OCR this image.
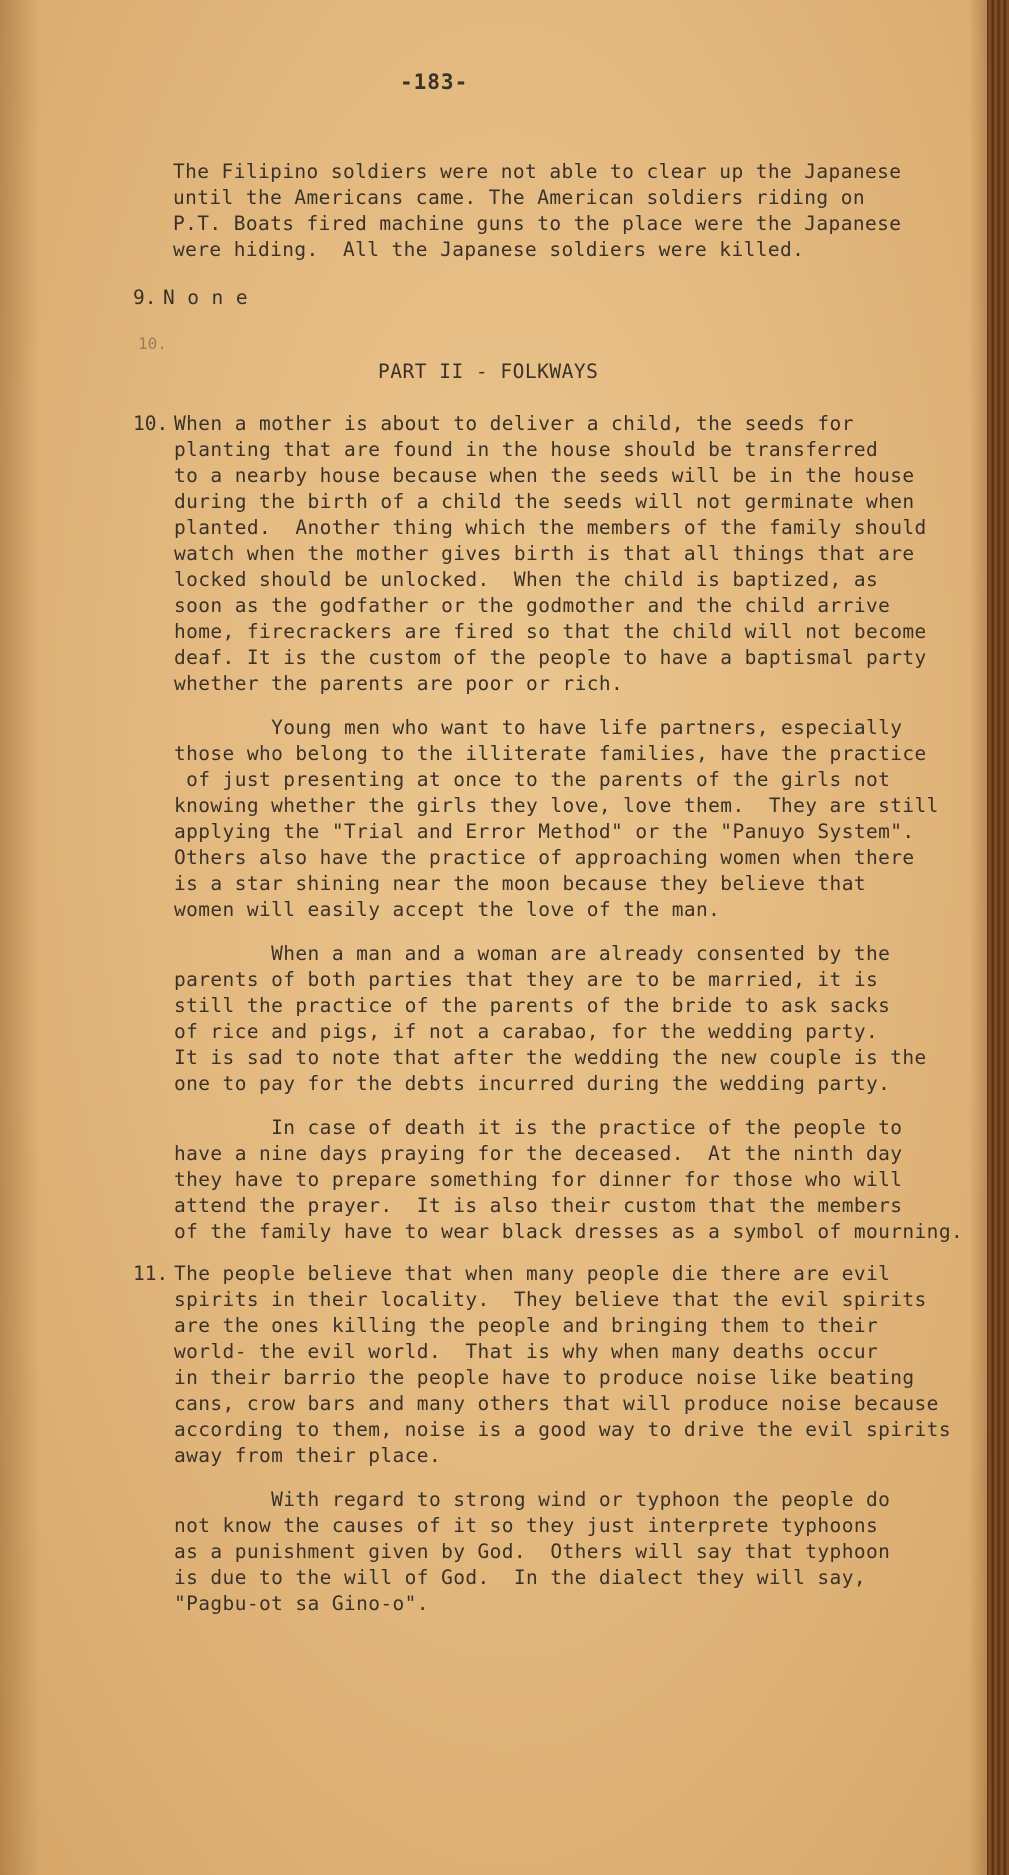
-183-
The Filipino soldiers were not able to clear up the Japanese
until the Americans came. The American soldiers riding on
P.T. Boats fired machine guns to the place were the Japanese
were hiding.  All the Japanese soldiers were killed.
9. N o n e
10.
PART II - FOLKWAYS
10. When a mother is about to deliver a child, the seeds for
planting that are found in the house should be transferred
to a nearby house because when the seeds will be in the house
during the birth of a child the seeds will not germinate when
planted.  Another thing which the members of the family should
watch when the mother gives birth is that all things that are
locked should be unlocked.  When the child is baptized, as
soon as the godfather or the godmother and the child arrive
home, firecrackers are fired so that the child will not become
deaf. It is the custom of the people to have a baptismal party
whether the parents are poor or rich.
Young men who want to have life partners, especially
those who belong to the illiterate families, have the practice
of just presenting at once to the parents of the girls not
knowing whether the girls they love, love them.  They are still
applying the "Trial and Error Method" or the "Panuyo System".
Others also have the practice of approaching women when there
is a star shining near the moon because they believe that
women will easily accept the love of the man.
When a man and a woman are already consented by the
parents of both parties that they are to be married, it is
still the practice of the parents of the bride to ask sacks
of rice and pigs, if not a carabao, for the wedding party.
It is sad to note that after the wedding the new couple is the
one to pay for the debts incurred during the wedding party.
In case of death it is the practice of the people to
have a nine days praying for the deceased.  At the ninth day
they have to prepare something for dinner for those who will
attend the prayer.  It is also their custom that the members
of the family have to wear black dresses as a symbol of mourning.
11. The people believe that when many people die there are evil
spirits in their locality.  They believe that the evil spirits
are the ones killing the people and bringing them to their
world- the evil world.  That is why when many deaths occur
in their barrio the people have to produce noise like beating
cans, crow bars and many others that will produce noise because
according to them, noise is a good way to drive the evil spirits
away from their place.
With regard to strong wind or typhoon the people do
not know the causes of it so they just interprete typhoons
as a punishment given by God.  Others will say that typhoon
is due to the will of God.  In the dialect they will say,
"Pagbu-ot sa Gino-o".
